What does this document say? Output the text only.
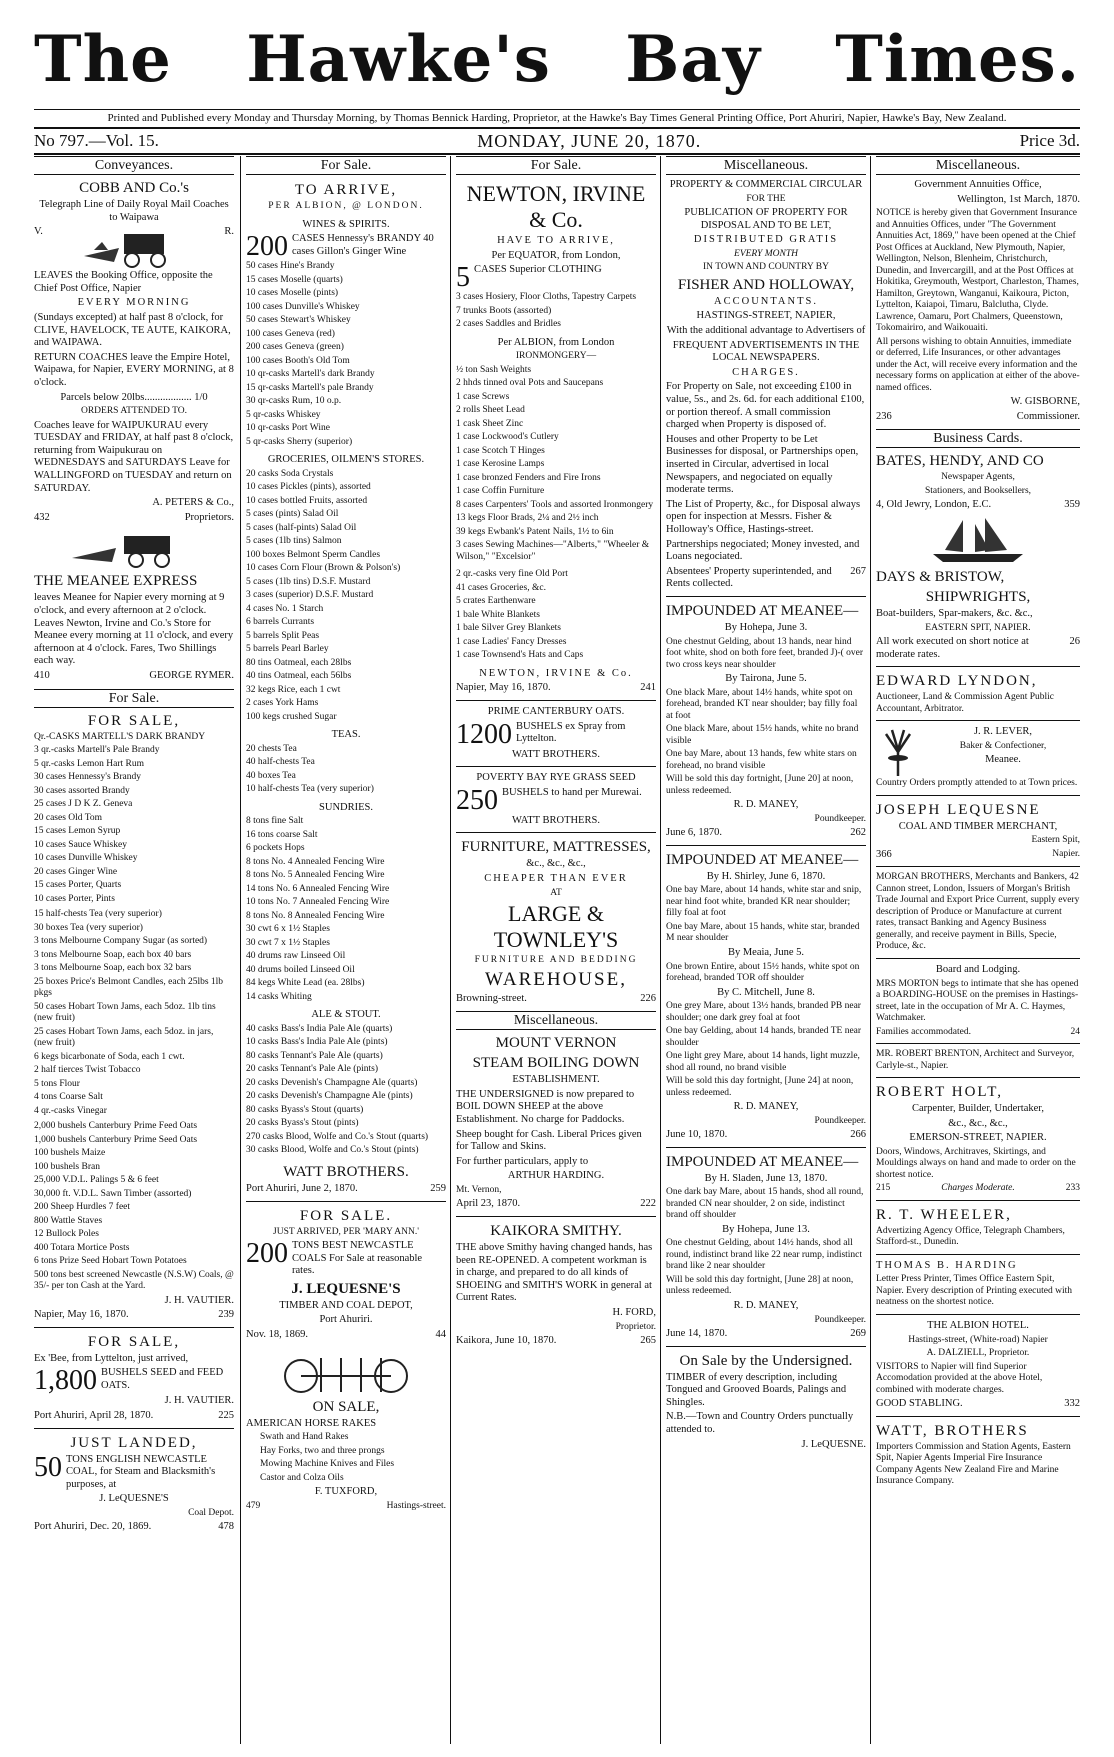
The Hawke's Bay Times.
Printed and Published every Monday and Thursday Morning, by Thomas Bennick Harding, Proprietor, at the Hawke's Bay Times General Printing Office, Port Ahuriri, Napier, Hawke's Bay, New Zealand.
No 797.—Vol. 15.	MONDAY, JUNE 20, 1870.	Price 3d.
Conveyances.

COBB AND Co.'s

Telegraph Line of Daily Royal Mail Coaches to Waipawa

V.	R.

LEAVES the Booking Office, opposite the Chief Post Office, Napier

EVERY MORNING

(Sundays excepted) at half past 8 o'clock, for CLIVE, HAVELOCK, TE AUTE, KAIKORA, and WAIPAWA.

RETURN COACHES leave the Empire Hotel, Waipawa, for Napier, EVERY MORNING, at 8 o'clock.

Parcels below 20lbs.................. 1/0

ORDERS ATTENDED TO.

Coaches leave for WAIPUKURAU every TUESDAY and FRIDAY, at half past 8 o'clock, returning from Waipukurau on WEDNESDAYS and SATURDAYS Leave for WALLINGFORD on TUESDAY and return on SATURDAY.

A. PETERS & Co.,

432	Proprietors.

THE MEANEE EXPRESS

leaves Meanee for Napier every morning at 9 o'clock, and every afternoon at 2 o'clock. Leaves Newton, Irvine and Co.'s Store for Meanee every morning at 11 o'clock, and every afternoon at 4 o'clock. Fares, Two Shillings each way.

410	GEORGE RYMER.
For Sale.

FOR SALE,

Qr.-CASKS MARTELL'S DARK BRANDY

3 qr.-casks Martell's Pale Brandy

5 qr.-casks Lemon Hart Rum

30 cases Hennessy's Brandy

30 cases assorted Brandy

25 cases J D K Z. Geneva

20 cases Old Tom

15 cases Lemon Syrup

10 cases Sauce Whiskey

10 cases Dunville Whiskey

20 cases Ginger Wine

15 cases Porter, Quarts

10 cases Porter, Pints

15 half-chests Tea (very superior)

30 boxes Tea (very superior)

3 tons Melbourne Company Sugar (as sorted)

3 tons Melbourne Soap, each box 40 bars

3 tons Melbourne Soap, each box 32 bars

25 boxes Price's Belmont Candles, each 25lbs 1lb pkgs

50 cases Hobart Town Jams, each 5doz. 1lb tins (new fruit)

25 cases Hobart Town Jams, each 5doz. in jars, (new fruit)

6 kegs bicarbonate of Soda, each 1 cwt.

2 half tierces Twist Tobacco

5 tons Flour

4 tons Coarse Salt

4 qr.-casks Vinegar

2,000 bushels Canterbury Prime Feed Oats

1,000 bushels Canterbury Prime Seed Oats

100 bushels Maize

100 bushels Bran

25,000 V.D.L. Palings 5 & 6 feet

30,000 ft. V.D.L. Sawn Timber (assorted)

200 Sheep Hurdles 7 feet

800 Wattle Staves

12 Bullock Poles

400 Totara Mortice Posts

6 tons Prize Seed Hobart Town Potatoes

500 tons best screened Newcastle (N.S.W) Coals, @ 35/- per ton Cash at the Yard.

J. H. VAUTIER.

Napier, May 16, 1870.	239

FOR SALE,

Ex 'Bee, from Lyttelton, just arrived,

1,800 BUSHELS SEED and FEED OATS.

J. H. VAUTIER.

Port Ahuriri, April 28, 1870.	225

JUST LANDED,

50 TONS ENGLISH NEWCASTLE COAL, for Steam and Blacksmith's purposes, at

J. LeQUESNE'S

Coal Depot.

Port Ahuriri, Dec. 20, 1869.	478
For Sale.

TO ARRIVE,

PER ALBION, @ LONDON.

WINES & SPIRITS.

200 CASES Hennessy's BRANDY 40 cases Gillon's Ginger Wine

50 cases Hine's Brandy

15 cases Moselle (quarts)

10 cases Moselle (pints)

100 cases Dunville's Whiskey

50 cases Stewart's Whiskey

100 cases Geneva (red)

200 cases Geneva (green)

100 cases Booth's Old Tom

10 qr-casks Martell's dark Brandy

15 qr-casks Martell's pale Brandy

30 qr-casks Rum, 10 o.p.

5 qr-casks Whiskey

10 qr-casks Port Wine

5 qr-casks Sherry (superior)

GROCERIES, OILMEN'S STORES.

20 casks Soda Crystals

10 cases Pickles (pints), assorted

10 cases bottled Fruits, assorted

5 cases (pints) Salad Oil

5 cases (half-pints) Salad Oil

5 cases (1lb tins) Salmon

100 boxes Belmont Sperm Candles

10 cases Corn Flour (Brown & Polson's)

5 cases (1lb tins) D.S.F. Mustard

3 cases (superior) D.S.F. Mustard

4 cases No. 1 Starch

6 barrels Currants

5 barrels Split Peas

5 barrels Pearl Barley

80 tins Oatmeal, each 28lbs

40 tins Oatmeal, each 56lbs

32 kegs Rice, each 1 cwt

2 cases York Hams

100 kegs crushed Sugar

TEAS.

20 chests Tea

40 half-chests Tea

40 boxes Tea

10 half-chests Tea (very superior)

SUNDRIES.

8 tons fine Salt

16 tons coarse Salt

6 pockets Hops

8 tons No. 4 Annealed Fencing Wire

8 tons No. 5 Annealed Fencing Wire

14 tons No. 6 Annealed Fencing Wire

10 tons No. 7 Annealed Fencing Wire

8 tons No. 8 Annealed Fencing Wire

30 cwt 6 x 1½ Staples

30 cwt 7 x 1½ Staples

40 drums raw Linseed Oil

40 drums boiled Linseed Oil

84 kegs White Lead (ea. 28lbs)

14 casks Whiting

ALE & STOUT.

40 casks Bass's India Pale Ale (quarts)

10 casks Bass's India Pale Ale (pints)

80 casks Tennant's Pale Ale (quarts)

20 casks Tennant's Pale Ale (pints)

20 casks Devenish's Champagne Ale (quarts)

20 casks Devenish's Champagne Ale (pints)

80 casks Byass's Stout (quarts)

20 casks Byass's Stout (pints)

270 casks Blood, Wolfe and Co.'s Stout (quarts)

30 casks Blood, Wolfe and Co.'s Stout (pints)

WATT BROTHERS.

Port Ahuriri, June 2, 1870.	259

FOR SALE.

JUST ARRIVED, PER 'MARY ANN.'

200 TONS BEST NEWCASTLE COALS For Sale at reasonable rates.

J. LEQUESNE'S

TIMBER AND COAL DEPOT,

Port Ahuriri.

Nov. 18, 1869.	44

ON SALE,

AMERICAN HORSE RAKES

Swath and Hand Rakes

Hay Forks, two and three prongs

Mowing Machine Knives and Files

Castor and Colza Oils

F. TUXFORD,

479	Hastings-street.
For Sale.

NEWTON, IRVINE & Co.

HAVE TO ARRIVE,

Per EQUATOR, from London,

5 CASES Superior CLOTHING

3 cases Hosiery, Floor Cloths, Tapestry Carpets

7 trunks Boots (assorted)

2 cases Saddles and Bridles

Per ALBION, from London

IRONMONGERY—

½ ton Sash Weights

2 hhds tinned oval Pots and Saucepans

1 case Screws

2 rolls Sheet Lead

1 cask Sheet Zinc

1 case Lockwood's Cutlery

1 case Scotch T Hinges

1 case Kerosine Lamps

1 case bronzed Fenders and Fire Irons

1 case Coffin Furniture

8 cases Carpenters' Tools and assorted Ironmongery

13 kegs Floor Brads, 2¼ and 2½ inch

39 kegs Ewbank's Patent Nails, 1½ to 6in

3 cases Sewing Machines—"Alberts," "Wheeler & Wilson," "Excelsior"

2 qr.-casks very fine Old Port

41 cases Groceries, &c.

5 crates Earthenware

1 bale White Blankets

1 bale Silver Grey Blankets

1 case Ladies' Fancy Dresses

1 case Townsend's Hats and Caps

NEWTON, IRVINE & Co.

Napier, May 16, 1870.	241

PRIME CANTERBURY OATS.

1200 BUSHELS ex Spray from Lyttelton.

WATT BROTHERS.

POVERTY BAY RYE GRASS SEED

250 BUSHELS to hand per Murewai.

WATT BROTHERS.

FURNITURE, MATTRESSES,

&c., &c., &c.,

CHEAPER THAN EVER

AT

LARGE & TOWNLEY'S

FURNITURE AND BEDDING

WAREHOUSE,

Browning-street.	226
Miscellaneous.

MOUNT VERNON

STEAM BOILING DOWN

ESTABLISHMENT.

THE UNDERSIGNED is now prepared to BOIL DOWN SHEEP at the above Establishment. No charge for Paddocks.

Sheep bought for Cash. Liberal Prices given for Tallow and Skins.

For further particulars, apply to

ARTHUR HARDING.

Mt. Vernon,

April 23, 1870.	222

KAIKORA SMITHY.

THE above Smithy having changed hands, has been RE-OPENED. A competent workman is in charge, and prepared to do all kinds of SHOEING and SMITH'S WORK in general at Current Rates.

H. FORD,

Proprietor.

Kaikora, June 10, 1870.	265
Miscellaneous.

PROPERTY & COMMERCIAL CIRCULAR

FOR THE

PUBLICATION OF PROPERTY FOR DISPOSAL AND TO BE LET,

DISTRIBUTED GRATIS

EVERY MONTH

IN TOWN AND COUNTRY BY

FISHER AND HOLLOWAY,

ACCOUNTANTS.

HASTINGS-STREET, NAPIER,

With the additional advantage to Advertisers of

FREQUENT ADVERTISEMENTS IN THE LOCAL NEWSPAPERS.

CHARGES.

For Property on Sale, not exceeding £100 in value, 5s., and 2s. 6d. for each additional £100, or portion thereof. A small commission charged when Property is disposed of.

Houses and other Property to be Let Businesses for disposal, or Partnerships open, inserted in Circular, advertised in local Newspapers, and negociated on equally moderate terms.

The List of Property, &c., for Disposal always open for inspection at Messrs. Fisher & Holloway's Office, Hastings-street.

Partnerships negociated; Money invested, and Loans negociated.

Absentees' Property superintended, and Rents collected.
267

IMPOUNDED AT MEANEE—

By Hohepa, June 3.

One chestnut Gelding, about 13 hands, near hind foot white, shod on both fore feet, branded J)-( over two cross keys near shoulder

By Tairona, June 5.

One black Mare, about 14½ hands, white spot on forehead, branded KT near shoulder; bay filly foal at foot

One black Mare, about 15½ hands, white no brand visible

One bay Mare, about 13 hands, few white stars on forehead, no brand visible

Will be sold this day fortnight, [June 20] at noon, unless redeemed.

R. D. MANEY,

Poundkeeper.

June 6, 1870.	262

IMPOUNDED AT MEANEE—

By H. Shirley, June 6, 1870.

One bay Mare, about 14 hands, white star and snip, near hind foot white, branded KR near shoulder; filly foal at foot

One bay Mare, about 15 hands, white star, branded M near shoulder

By Meaia, June 5.

One brown Entire, about 15½ hands, white spot on forehead, branded TOR off shoulder

By C. Mitchell, June 8.

One grey Mare, about 13½ hands, branded PB near shoulder; one dark grey foal at foot

One bay Gelding, about 14 hands, branded TE near shoulder

One light grey Mare, about 14 hands, light muzzle, shod all round, no brand visible

Will be sold this day fortnight, [June 24] at noon, unless redeemed.

R. D. MANEY,

Poundkeeper.

June 10, 1870.	266

IMPOUNDED AT MEANEE—

By H. Sladen, June 13, 1870.

One dark bay Mare, about 15 hands, shod all round, branded CN near shoulder, 2 on side, indistinct brand off shoulder

By Hohepa, June 13.

One chestnut Gelding, about 14½ hands, shod all round, indistinct brand like 22 near rump, indistinct brand like 2 near shoulder

Will be sold this day fortnight, [June 28] at noon, unless redeemed.

R. D. MANEY,

Poundkeeper.

June 14, 1870.	269

On Sale by the Undersigned.

TIMBER of every description, including Tongued and Grooved Boards, Palings and Shingles.

N.B.—Town and Country Orders punctually attended to.

J. LeQUESNE.

Miscellaneous.

Government Annuities Office,

Wellington, 1st March, 1870.

NOTICE is hereby given that Government Insurance and Annuities Offices, under "The Government Annuities Act, 1869," have been opened at the Chief Post Offices at Auckland, New Plymouth, Napier, Wellington, Nelson, Blenheim, Christchurch, Dunedin, and Invercargill, and at the Post Offices at Hokitika, Greymouth, Westport, Charleston, Thames, Hamilton, Greytown, Wanganui, Kaikoura, Picton, Lyttelton, Kaiapoi, Timaru, Balclutha, Clyde. Lawrence, Oamaru, Port Chalmers, Queenstown, Tokomairiro, and Waikouaiti.

All persons wishing to obtain Annuities, immediate or deferred, Life Insurances, or other advantages under the Act, will receive every information and the necessary forms on application at either of the above-named offices.

W. GISBORNE,

236	Commissioner.
Business Cards.

BATES, HENDY, AND CO

Newspaper Agents,

Stationers, and Booksellers,

4, Old Jewry, London, E.C.	359

DAYS & BRISTOW,

SHIPWRIGHTS,

Boat-builders, Spar-makers, &c. &c.,

EASTERN SPIT, NAPIER.

All work executed on short notice at moderate rates.
26

EDWARD LYNDON,

Auctioneer, Land & Commission Agent Public Accountant, Arbitrator.

J. R. LEVER,

Baker & Confectioner,

Meanee.

Country Orders promptly attended to at Town prices.

JOSEPH LEQUESNE

COAL AND TIMBER MERCHANT,

Eastern Spit,

366	Napier.

MORGAN BROTHERS, Merchants and Bankers, 42 Cannon street, London, Issuers of Morgan's British Trade Journal and Export Price Current, supply every description of Produce or Manufacture at current rates, transact Banking and Agency Business generally, and receive payment in Bills, Specie, Produce, &c.

Board and Lodging.

MRS MORTON begs to intimate that she has opened a BOARDING-HOUSE on the premises in Hastings-street, late in the occupation of Mr A. C. Haymes, Watchmaker.

Families accommodated.	24

MR. ROBERT BRENTON, Architect and Surveyor, Carlyle-st., Napier.

ROBERT HOLT,

Carpenter, Builder, Undertaker,

&c., &c., &c.,

EMERSON-STREET, NAPIER.

Doors, Windows, Architraves, Skirtings, and Mouldings always on hand and made to order on the shortest notice.

215	Charges Moderate.	233

R. T. WHEELER,

Advertizing Agency Office, Telegraph Chambers, Stafford-st., Dunedin.

THOMAS B. HARDING

Letter Press Printer, Times Office Eastern Spit, Napier. Every description of Printing executed with neatness on the shortest notice.

THE ALBION HOTEL.

Hastings-street, (White-road) Napier

A. DALZIELL, Proprietor.

VISITORS to Napier will find Superior Accomodation provided at the above Hotel, combined with moderate charges.

GOOD STABLING.	332

WATT, BROTHERS

Importers Commission and Station Agents, Eastern Spit, Napier Agents Imperial Fire Insurance Company Agents New Zealand Fire and Marine Insurance Company.
